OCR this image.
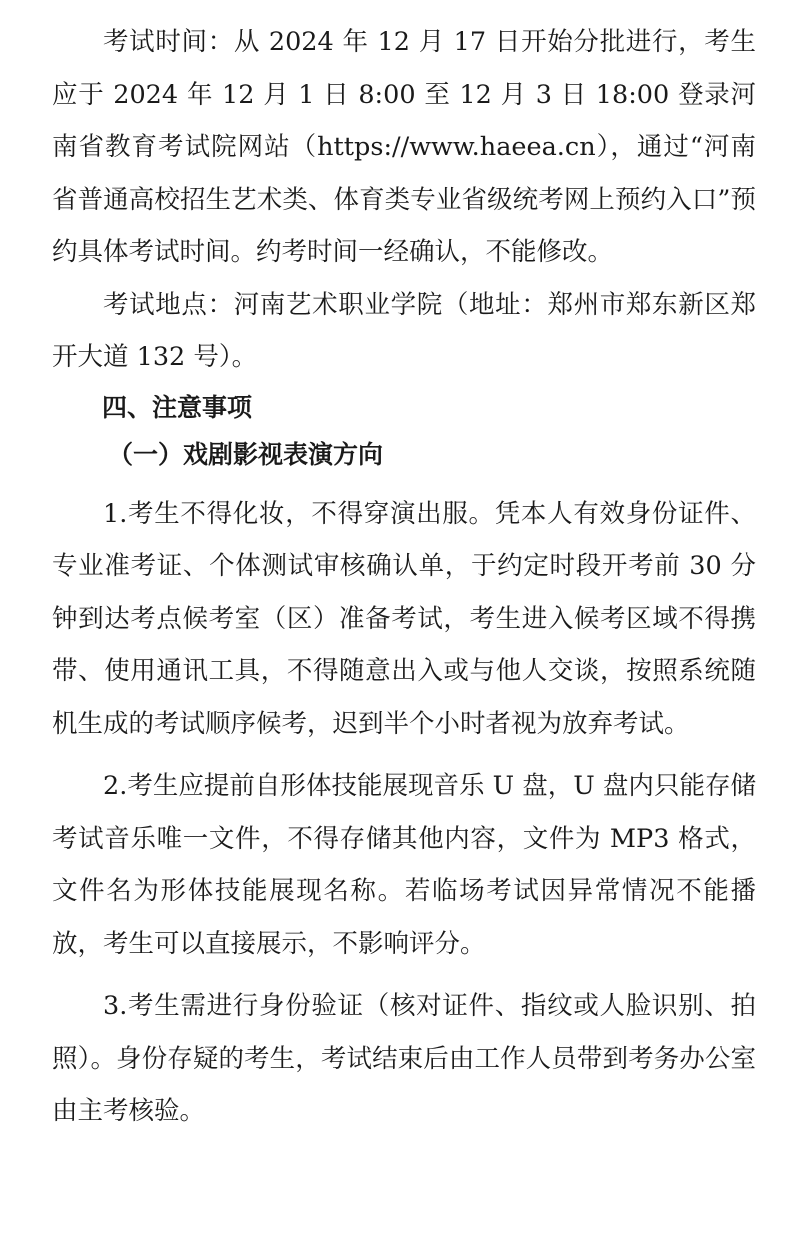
考试时间：从 2024 年 12 月 17 日开始分批进行，考生应于 2024 年 12 月 1 日 8:00 至 12 月 3 日 18:00 登录河南省教育考试院网站（https://www.haeea.cn），通过“河南省普通高校招生艺术类、体育类专业省级统考网上预约入口”预约具体考试时间。约考时间一经确认，不能修改。

考试地点：河南艺术职业学院（地址：郑州市郑东新区郑开大道 132 号）。

四、注意事项
（一）戏剧影视表演方向

1.考生不得化妆，不得穿演出服。凭本人有效身份证件、专业准考证、个体测试审核确认单，于约定时段开考前 30 分钟到达考点候考室（区）准备考试，考生进入候考区域不得携带、使用通讯工具，不得随意出入或与他人交谈，按照系统随机生成的考试顺序候考，迟到半个小时者视为放弃考试。

2.考生应提前自形体技能展现音乐 U 盘，U 盘内只能存储考试音乐唯一文件，不得存储其他内容，文件为 MP3 格式，文件名为形体技能展现名称。若临场考试因异常情况不能播放，考生可以直接展示，不影响评分。

3.考生需进行身份验证（核对证件、指纹或人脸识别、拍照）。身份存疑的考生，考试结束后由工作人员带到考务办公室由主考核验。
